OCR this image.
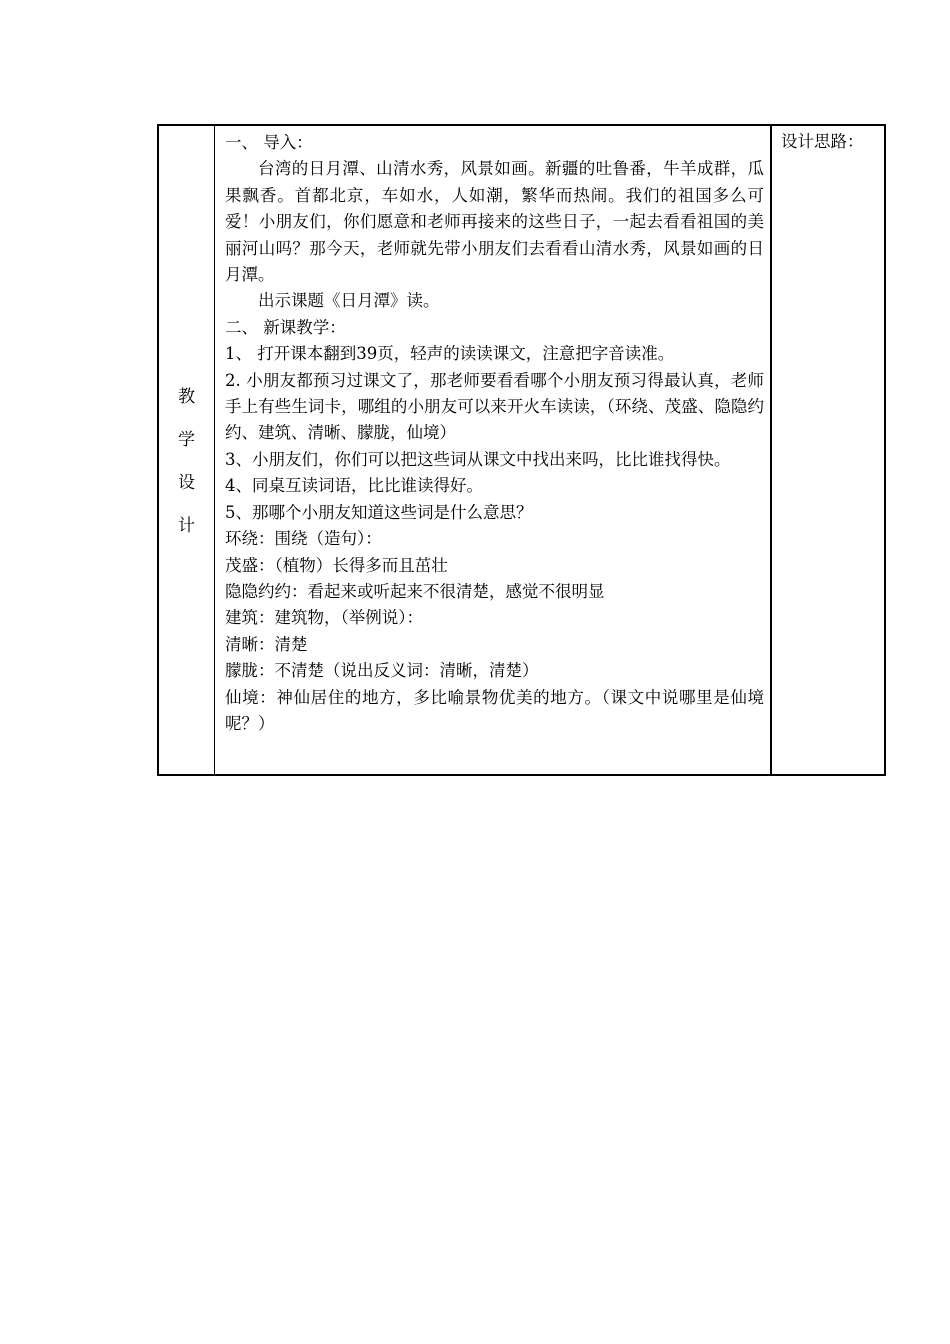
教
学
设
计

一、 导入：

台湾的日月潭、山清水秀，风景如画。新疆的吐鲁番，牛羊成群，瓜果飘香。首都北京，车如水，人如潮，繁华而热闹。我们的祖国多么可爱！小朋友们，你们愿意和老师再接来的这些日子，一起去看看祖国的美丽河山吗？那今天，老师就先带小朋友们去看看山清水秀，风景如画的日月潭。

出示课题《日月潭》读。

二、 新课教学：

1、 打开课本翻到39页，轻声的读读课文，注意把字音读准。

2. 小朋友都预习过课文了，那老师要看看哪个小朋友预习得最认真，老师手上有些生词卡，哪组的小朋友可以来开火车读读，（环绕、茂盛、隐隐约约、建筑、清晰、朦胧，仙境）

3、小朋友们，你们可以把这些词从课文中找出来吗，比比谁找得快。

4、同桌互读词语，比比谁读得好。

5、那哪个小朋友知道这些词是什么意思？

环绕：围绕（造句）：

茂盛：（植物）长得多而且茁壮

隐隐约约：看起来或听起来不很清楚，感觉不很明显

建筑：建筑物，（举例说）：

清晰：清楚

朦胧：不清楚（说出反义词：清晰，清楚）

仙境：神仙居住的地方，多比喻景物优美的地方。（课文中说哪里是仙境呢？）

设计思路：
